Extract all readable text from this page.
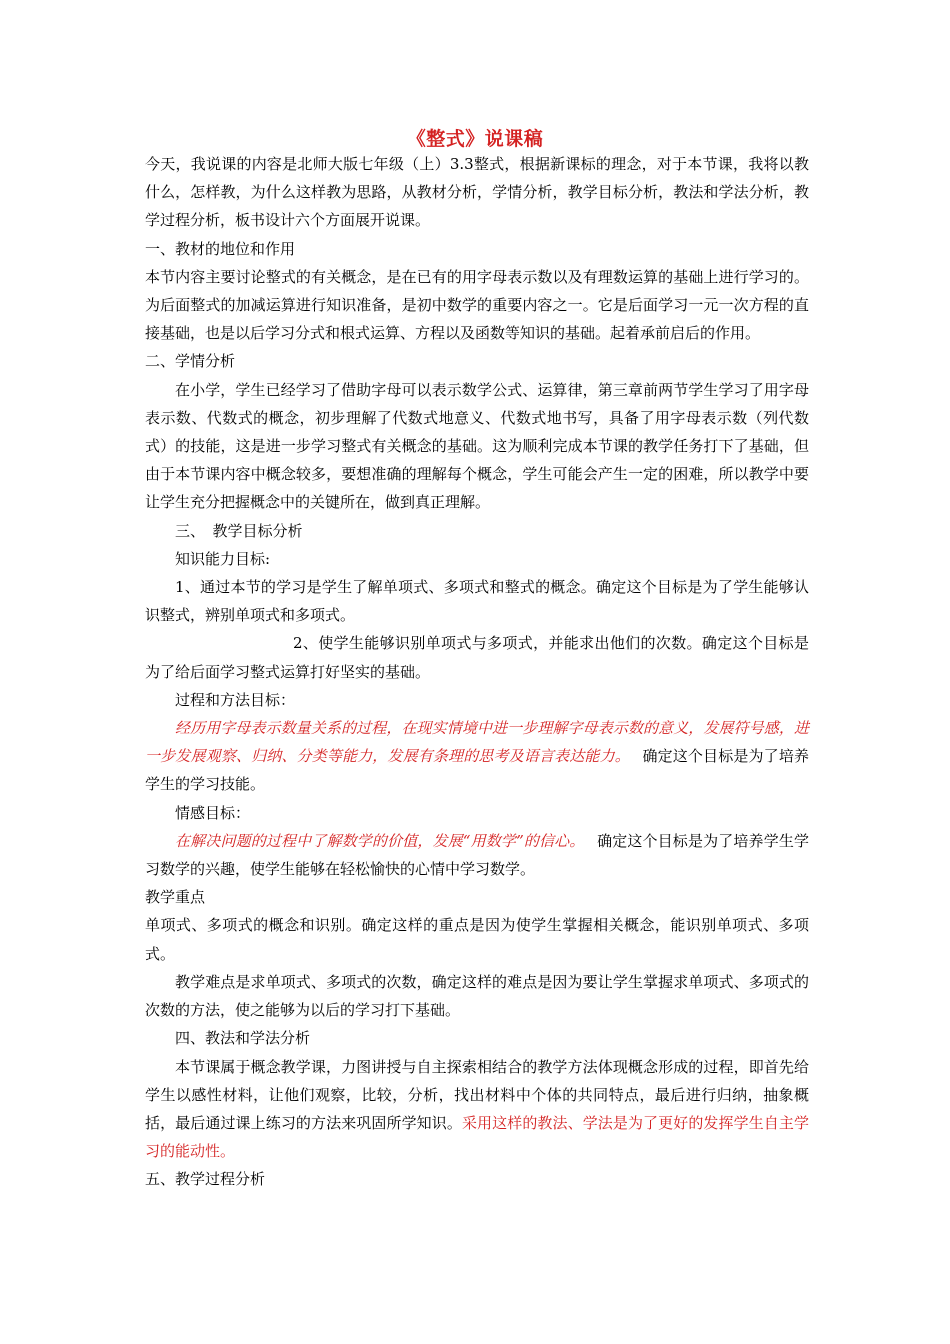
《整式》说课稿

今天，我说课的内容是北师大版七年级（上）3.3整式，根据新课标的理念，对于本节课，我将以教什么，怎样教，为什么这样教为思路，从教材分析，学情分析，教学目标分析，教法和学法分析，教学过程分析，板书设计六个方面展开说课。

一、教材的地位和作用

本节内容主要讨论整式的有关概念，是在已有的用字母表示数以及有理数运算的基础上进行学习的。为后面整式的加减运算进行知识准备，是初中数学的重要内容之一。它是后面学习一元一次方程的直接基础，也是以后学习分式和根式运算、方程以及函数等知识的基础。起着承前启后的作用。

二、学情分析

在小学，学生已经学习了借助字母可以表示数学公式、运算律，第三章前两节学生学习了用字母表示数、代数式的概念，初步理解了代数式地意义、代数式地书写，具备了用字母表示数（列代数式）的技能，这是进一步学习整式有关概念的基础。这为顺利完成本节课的教学任务打下了基础，但由于本节课内容中概念较多，要想准确的理解每个概念，学生可能会产生一定的困难，所以教学中要让学生充分把握概念中的关键所在，做到真正理解。

三、　教学目标分析

知识能力目标:

1、通过本节的学习是学生了解单项式、多项式和整式的概念。确定这个目标是为了学生能够认识整式，辨别单项式和多项式。

2、使学生能够识别单项式与多项式，并能求出他们的次数。确定这个目标是为了给后面学习整式运算打好坚实的基础。

过程和方法目标：

经历用字母表示数量关系的过程，在现实情境中进一步理解字母表示数的意义，发展符号感，进一步发展观察、归纳、分类等能力，发展有条理的思考及语言表达能力。　 确定这个目标是为了培养学生的学习技能。

情感目标：

在解决问题的过程中了解数学的价值，发展“用数学”的信心。　 确定这个目标是为了培养学生学习数学的兴趣，使学生能够在轻松愉快的心情中学习数学。

教学重点

单项式、多项式的概念和识别。确定这样的重点是因为使学生掌握相关概念，能识别单项式、多项式。

教学难点是求单项式、多项式的次数，确定这样的难点是因为要让学生掌握求单项式、多项式的次数的方法，使之能够为以后的学习打下基础。

四、教法和学法分析

本节课属于概念教学课，力图讲授与自主探索相结合的教学方法体现概念形成的过程，即首先给学生以感性材料，让他们观察，比较，分析，找出材料中个体的共同特点，最后进行归纳，抽象概括，最后通过课上练习的方法来巩固所学知识。采用这样的教法、学法是为了更好的发挥学生自主学习的能动性。

五、教学过程分析
